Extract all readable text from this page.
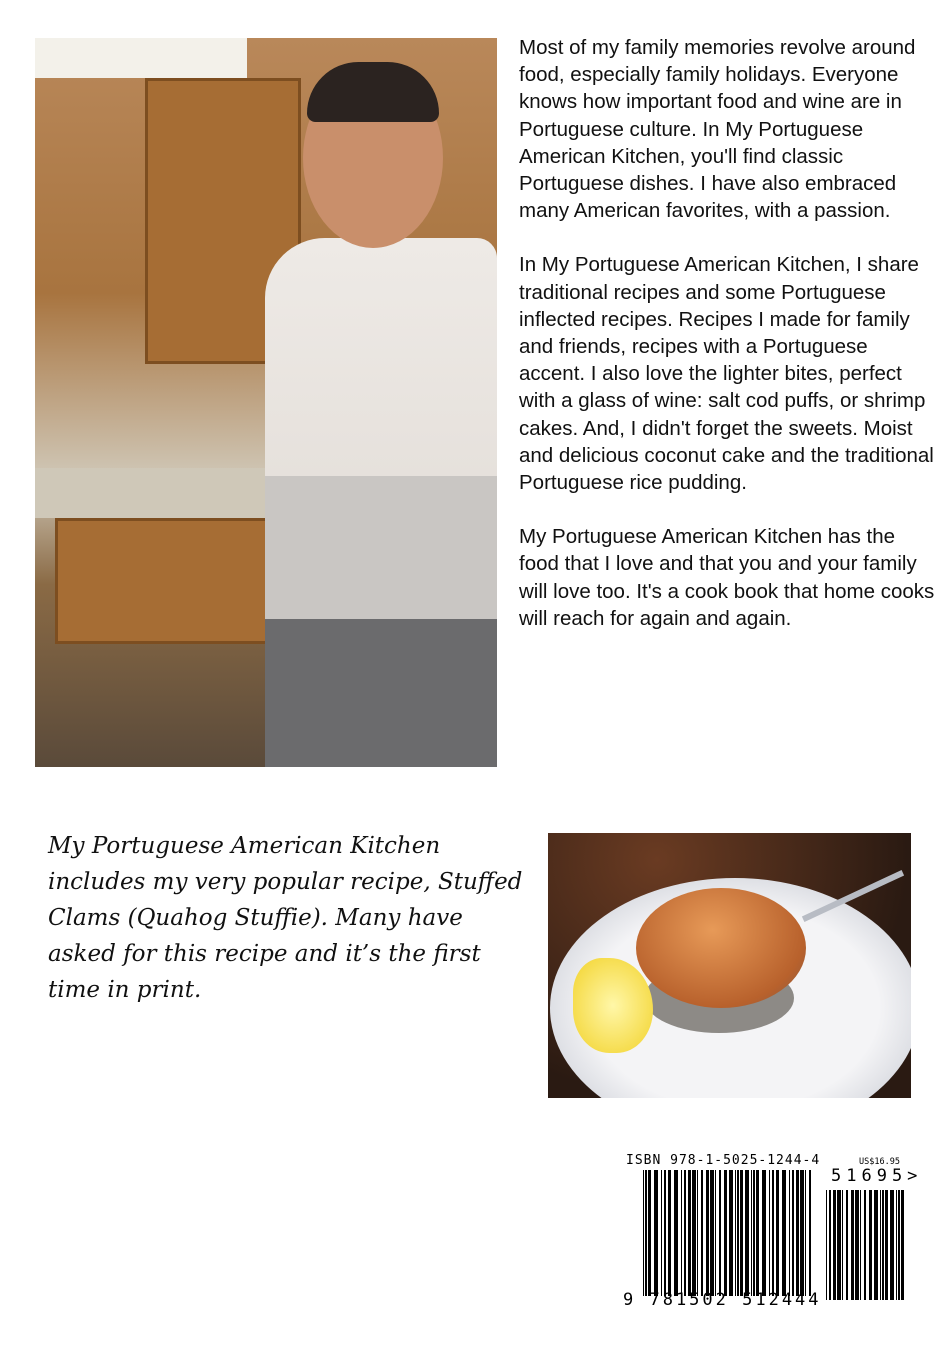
Most of my family memories revolve around food, especially family holidays. Everyone knows how important food and wine are in Portuguese culture. In My Portuguese American Kitchen, you'll find classic Portuguese dishes. I have also embraced many American favorites, with a passion.

In My Portuguese American Kitchen, I share traditional recipes and some Portuguese inflected recipes. Recipes I made for family and friends, recipes with a Portuguese accent. I also love the lighter bites, perfect with a glass of wine: salt cod puffs, or shrimp cakes. And, I didn't forget the sweets. Moist and delicious coconut cake and the traditional Portuguese rice pudding.

My Portuguese American Kitchen has the food that I love and that you and your family will love too. It's a cook book that home cooks will reach for again and again.

My Portuguese American Kitchen includes my very popular recipe, Stuffed Clams (Quahog Stuffie). Many have asked for this recipe and it’s the first time in print.
ISBN 978-1-5025-1244-4	US$16.95
51695>
9 781502 512444
